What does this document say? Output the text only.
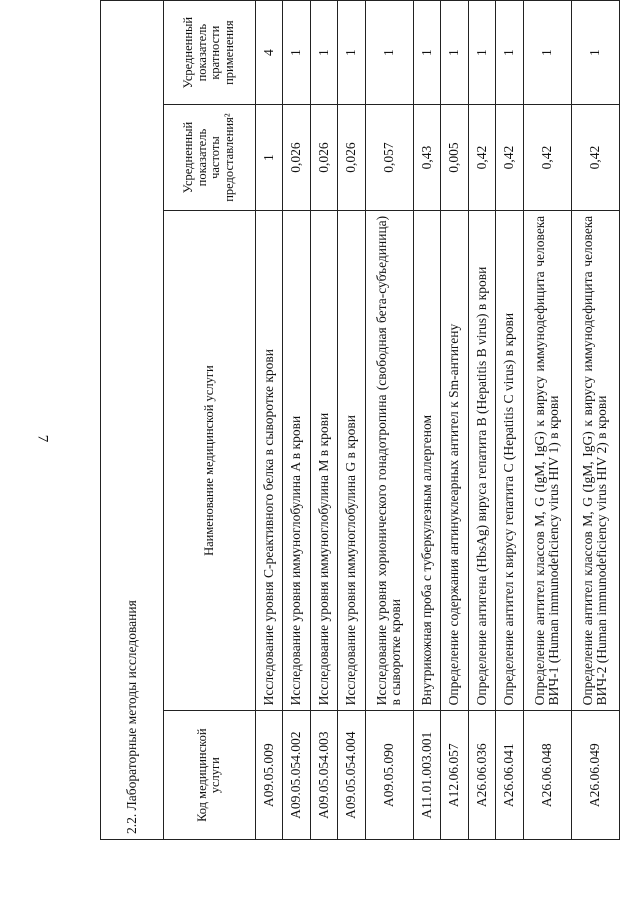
7
2.2. Лабораторные методы исследования			
Код медицинской услуги	Наименование медицинской услуги	Усредненный показатель частоты предоставления²	Усредненный показатель кратности применения
A09.05.009	Исследование уровня С-реактивного белка в сыворотке крови	1	4
A09.05.054.002	Исследование уровня иммуноглобулина A в крови	0,026	1
A09.05.054.003	Исследование уровня иммуноглобулина M в крови	0,026	1
A09.05.054.004	Исследование уровня иммуноглобулина G в крови	0,026	1
A09.05.090	Исследование уровня хорионического гонадотропина (свободная бета-субъединица) в сыворотке крови	0,057	1
A11.01.003.001	Внутрикожная проба с туберкулезным аллергеном	0,43	1
A12.06.057	Определение содержания антинуклеарных антител к Sm-антигену	0,005	1
A26.06.036	Определение антигена (HbsAg) вируса гепатита B (Hepatitis B virus) в крови	0,42	1
A26.06.041	Определение антител к вирусу гепатита C (Hepatitis C virus) в крови	0,42	1
A26.06.048	Определение антител классов M, G (IgM, IgG) к вирусу иммунодефицита человека ВИЧ-1 (Human immunodeficiency virus HIV 1) в крови	0,42	1
A26.06.049	Определение антител классов M, G (IgM, IgG) к вирусу иммунодефицита человека ВИЧ-2 (Human immunodeficiency virus HIV 2) в крови	0,42	1
